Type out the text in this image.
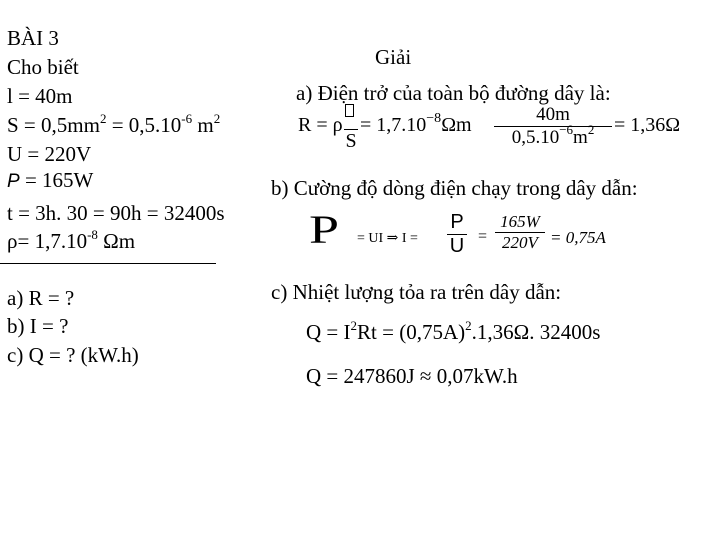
BÀI 3
Cho biết
l = 40m
$S = 0,5mm^2 = 0,5.10^{-6}$ $m^2$
U = 220V
P = 165W
t = 3h. 30 = 90h = 32400s
$\rho= 1,7.10^{-8}$ Ωm
a) R = ?
b) I = ?
c) Q = ? (kW.h)
Giải
a) Điện trở của toàn bộ đường dây là:
R = ρ
S
= $1,7.10^{-8}\Omega m$	40m
$0,5.10^{-6}m^2 = 1,36\Omega$
b) Cường độ dòng điện chạy trong dây dẫn:
P = UI ⇒ I =
P
U =
165W
220V = 0,75A
c) Nhiệt lượng tỏa ra trên dây dẫn:
$Q = I^2Rt = (0,75A)^2.1,36\Omega$. 32400s
Q = 247860J ≈ 0,07kW.h
